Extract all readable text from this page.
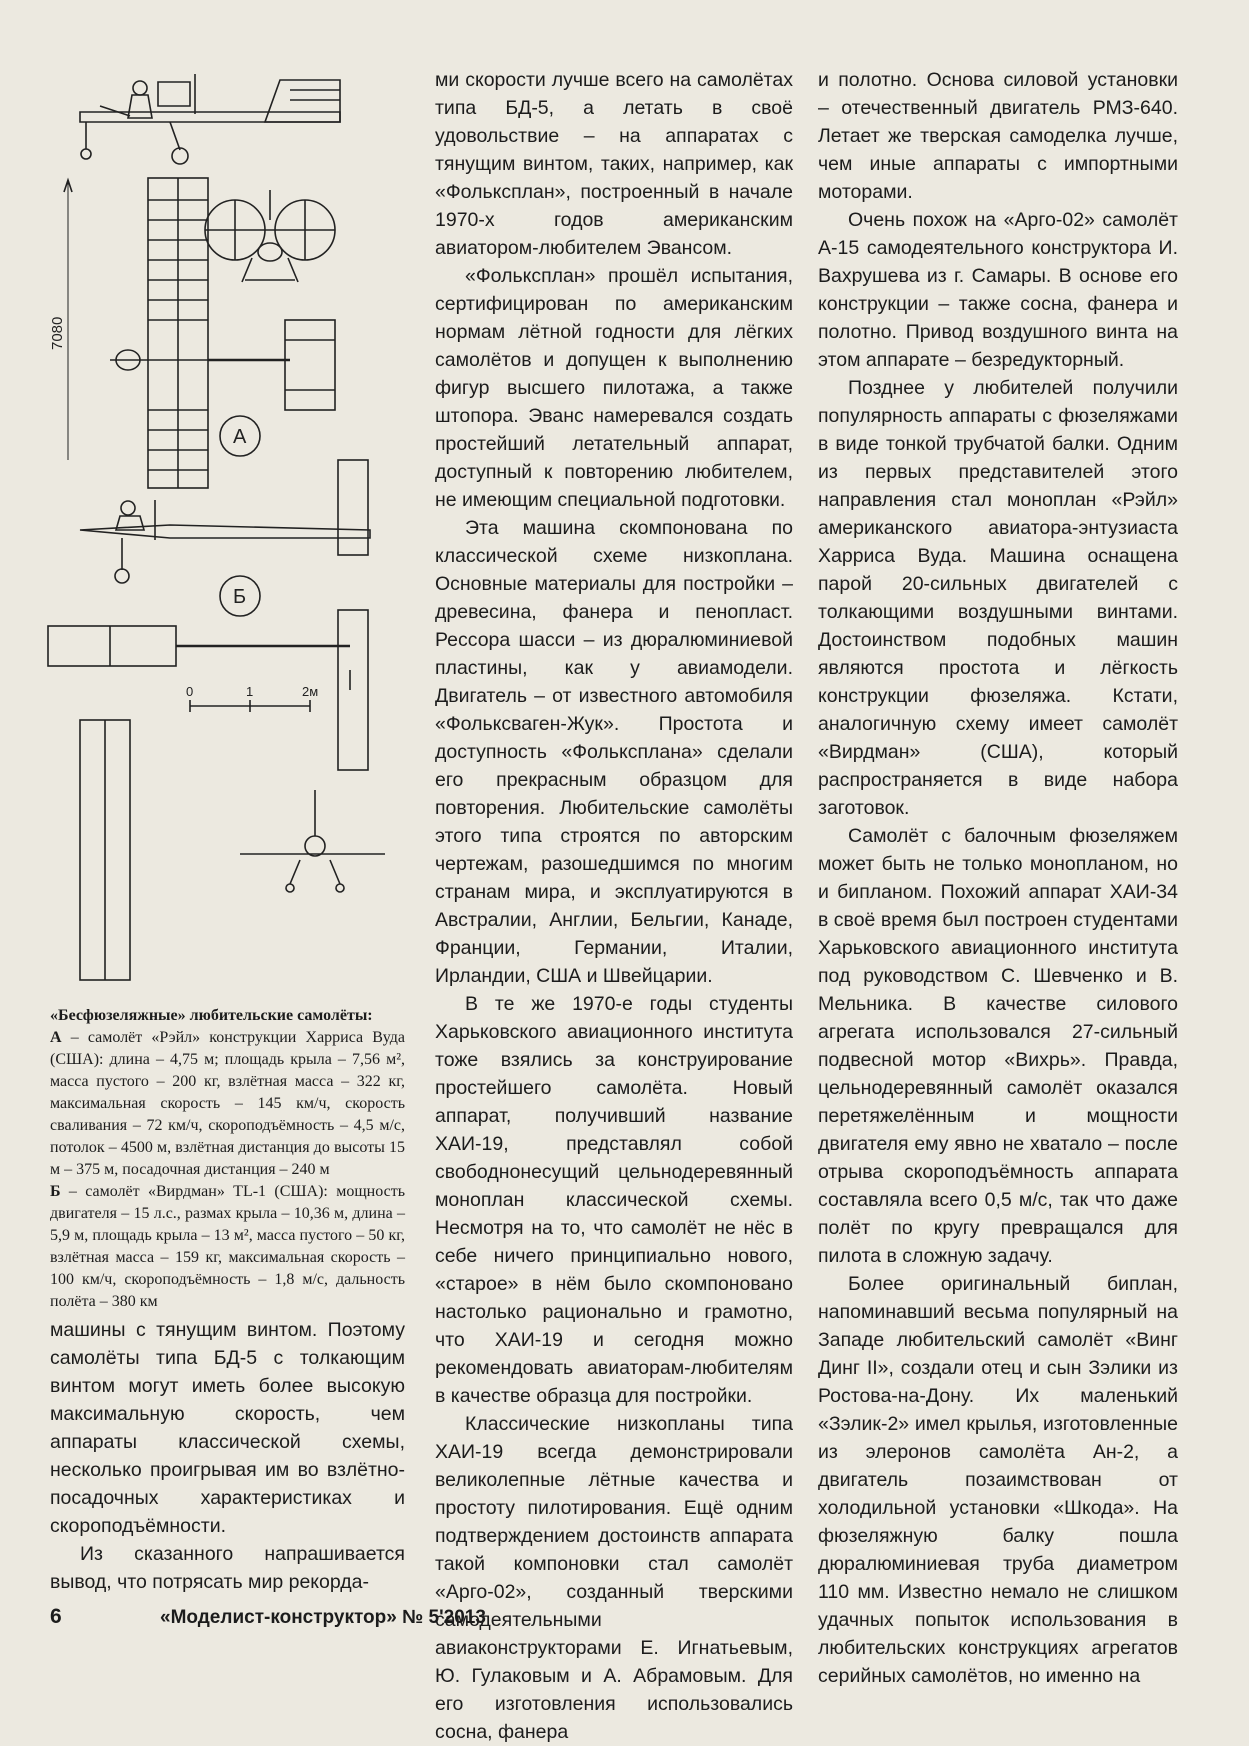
А
Б
0	1	2м
7080

«Бесфюзеляжные» любительские самолёты:
А – самолёт «Рэйл» конструкции Харриса Вуда (США): длина – 4,75 м; площадь крыла – 7,56 м², масса пустого – 200 кг, взлётная масса – 322 кг, максимальная скорость – 145 км/ч, скорость сваливания – 72 км/ч, скороподъёмность – 4,5 м/с, потолок – 4500 м, взлётная дистанция до высоты 15 м – 375 м, посадочная дистанция – 240 м
Б – самолёт «Вирдман» TL-1 (США): мощность двигателя – 15 л.с., размах крыла – 10,36 м, длина – 5,9 м, площадь крыла – 13 м², масса пустого – 50 кг, взлётная масса – 159 кг, максимальная скорость – 100 км/ч, скороподъёмность – 1,8 м/с, дальность полёта – 380 км

машины с тянущим винтом. Поэтому самолёты типа БД-5 с толкающим винтом могут иметь более высокую максимальную скорость, чем аппараты классической схемы, несколько проигрывая им во взлётно-посадочных характеристиках и скороподъёмности.

Из сказанного напрашивается вывод, что потрясать мир рекорда-

ми скорости лучше всего на самолётах типа БД-5, а летать в своё удовольствие – на аппаратах с тянущим винтом, таких, например, как «Фольксплан», построенный в начале 1970-х годов американским авиатором-любителем Эвансом.

«Фольксплан» прошёл испытания, сертифицирован по американским нормам лётной годности для лёгких самолётов и допущен к выполнению фигур высшего пилотажа, а также штопора. Эванс намеревался создать простейший летательный аппарат, доступный к повторению любителем, не имеющим специальной подготовки.

Эта машина скомпонована по классической схеме низкоплана. Основные материалы для постройки – древесина, фанера и пенопласт. Рессора шасси – из дюралюминиевой пластины, как у авиамодели. Двигатель – от известного автомобиля «Фольксваген-Жук». Простота и доступность «Фольксплана» сделали его прекрасным образцом для повторения. Любительские самолёты этого типа строятся по авторским чертежам, разошедшимся по многим странам мира, и эксплуатируются в Австралии, Англии, Бельгии, Канаде, Франции, Германии, Италии, Ирландии, США и Швейцарии.

В те же 1970-е годы студенты Харьковского авиационного института тоже взялись за конструирование простейшего самолёта. Новый аппарат, получивший название ХАИ-19, представлял собой свободнонесущий цельнодеревянный моноплан классической схемы. Несмотря на то, что самолёт не нёс в себе ничего принципиально нового, «старое» в нём было скомпоновано настолько рационально и грамотно, что ХАИ-19 и сегодня можно рекомендовать авиаторам-любителям в качестве образца для постройки.

Классические низкопланы типа ХАИ-19 всегда демонстрировали великолепные лётные качества и простоту пилотирования. Ещё одним подтверждением достоинств аппарата такой компоновки стал самолёт «Арго-02», созданный тверскими самодеятельными авиаконструкторами Е. Игнатьевым, Ю. Гулаковым и А. Абрамовым. Для его изготовления использовались сосна, фанера

и полотно. Основа силовой установки – отечественный двигатель РМЗ-640. Летает же тверская самоделка лучше, чем иные аппараты с импортными моторами.

Очень похож на «Арго-02» самолёт А-15 самодеятельного конструктора И. Вахрушева из г. Самары. В основе его конструкции – также сосна, фанера и полотно. Привод воздушного винта на этом аппарате – безредукторный.

Позднее у любителей получили популярность аппараты с фюзеляжами в виде тонкой трубчатой балки. Одним из первых представителей этого направления стал моноплан «Рэйл» американского авиатора-энтузиаста Харриса Вуда. Машина оснащена парой 20-сильных двигателей с толкающими воздушными винтами. Достоинством подобных машин являются простота и лёгкость конструкции фюзеляжа. Кстати, аналогичную схему имеет самолёт «Вирдман» (США), который распространяется в виде набора заготовок.

Самолёт с балочным фюзеляжем может быть не только монопланом, но и бипланом. Похожий аппарат ХАИ-34 в своё время был построен студентами Харьковского авиационного института под руководством С. Шевченко и В. Мельника. В качестве силового агрегата использовался 27-сильный подвесной мотор «Вихрь». Правда, цельнодеревянный самолёт оказался перетяжелённым и мощности двигателя ему явно не хватало – после отрыва скороподъёмность аппарата составляла всего 0,5 м/с, так что даже полёт по кругу превращался для пилота в сложную задачу.

Более оригинальный биплан, напоминавший весьма популярный на Западе любительский самолёт «Винг Динг II», создали отец и сын Зэлики из Ростова-на-Дону. Их маленький «Зэлик-2» имел крылья, изготовленные из элеронов самолёта Ан-2, а двигатель позаимствован от холодильной установки «Шкода». На фюзеляжную балку пошла дюралюминиевая труба диаметром 110 мм. Известно немало не слишком удачных попыток использования в любительских конструкциях агрегатов серийных самолётов, но именно на

6	«Моделист-конструктор» № 5'2013
